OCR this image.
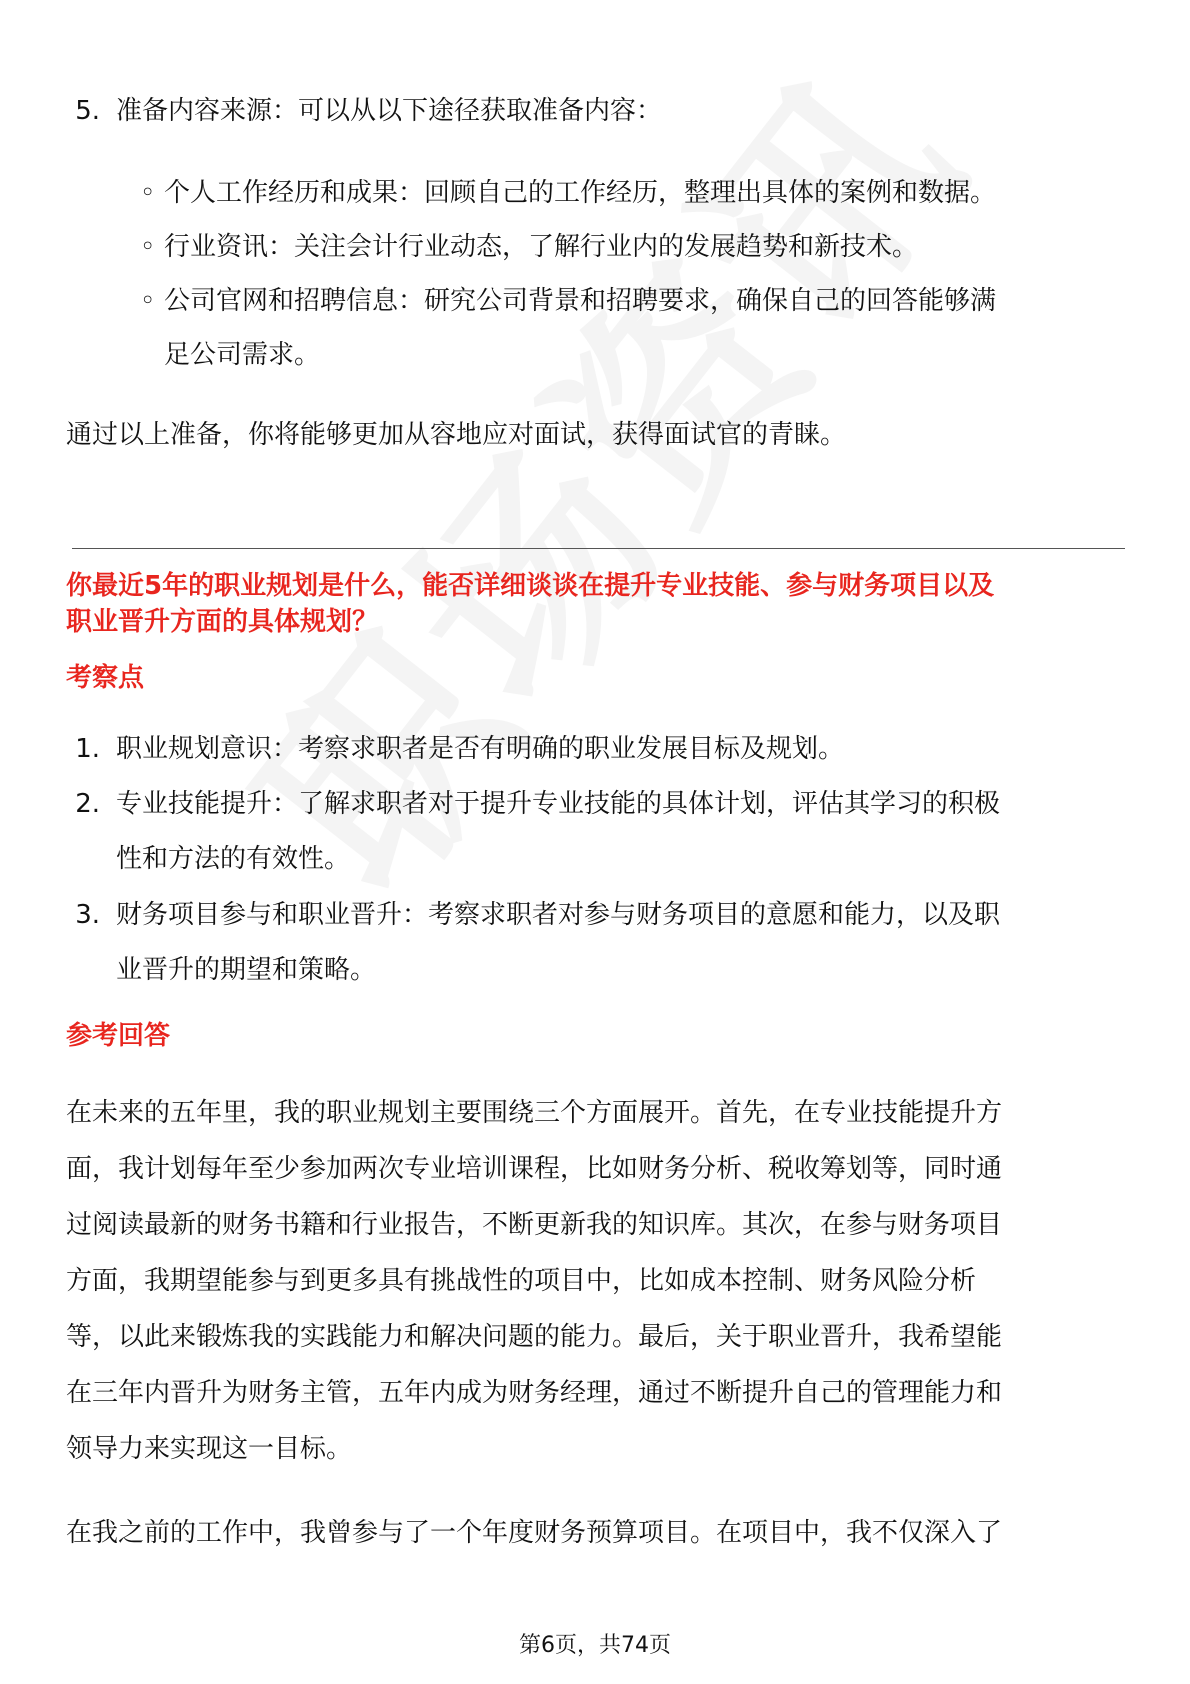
5. 准备内容来源：可以从以下途径获取准备内容：
◦ 个人工作经历和成果：回顾自己的工作经历，整理出具体的案例和数据。
◦ 行业资讯：关注会计行业动态，了解行业内的发展趋势和新技术。
◦ 公司官网和招聘信息：研究公司背景和招聘要求，确保自己的回答能够满
足公司需求。
通过以上准备，你将能够更加从容地应对面试，获得面试官的青睐。
你最近5年的职业规划是什么，能否详细谈谈在提升专业技能、参与财务项目以及
职业晋升方面的具体规划？
考察点
1. 职业规划意识：考察求职者是否有明确的职业发展目标及规划。
2. 专业技能提升：了解求职者对于提升专业技能的具体计划，评估其学习的积极
性和方法的有效性。
3. 财务项目参与和职业晋升：考察求职者对参与财务项目的意愿和能力，以及职
业晋升的期望和策略。
参考回答
在未来的五年里，我的职业规划主要围绕三个方面展开。首先，在专业技能提升方
面，我计划每年至少参加两次专业培训课程，比如财务分析、税收筹划等，同时通
过阅读最新的财务书籍和行业报告，不断更新我的知识库。其次，在参与财务项目
方面，我期望能参与到更多具有挑战性的项目中，比如成本控制、财务风险分析
等，以此来锻炼我的实践能力和解决问题的能力。最后，关于职业晋升，我希望能
在三年内晋升为财务主管，五年内成为财务经理，通过不断提升自己的管理能力和
领导力来实现这一目标。
在我之前的工作中，我曾参与了一个年度财务预算项目。在项目中，我不仅深入了
第6页，共74页
